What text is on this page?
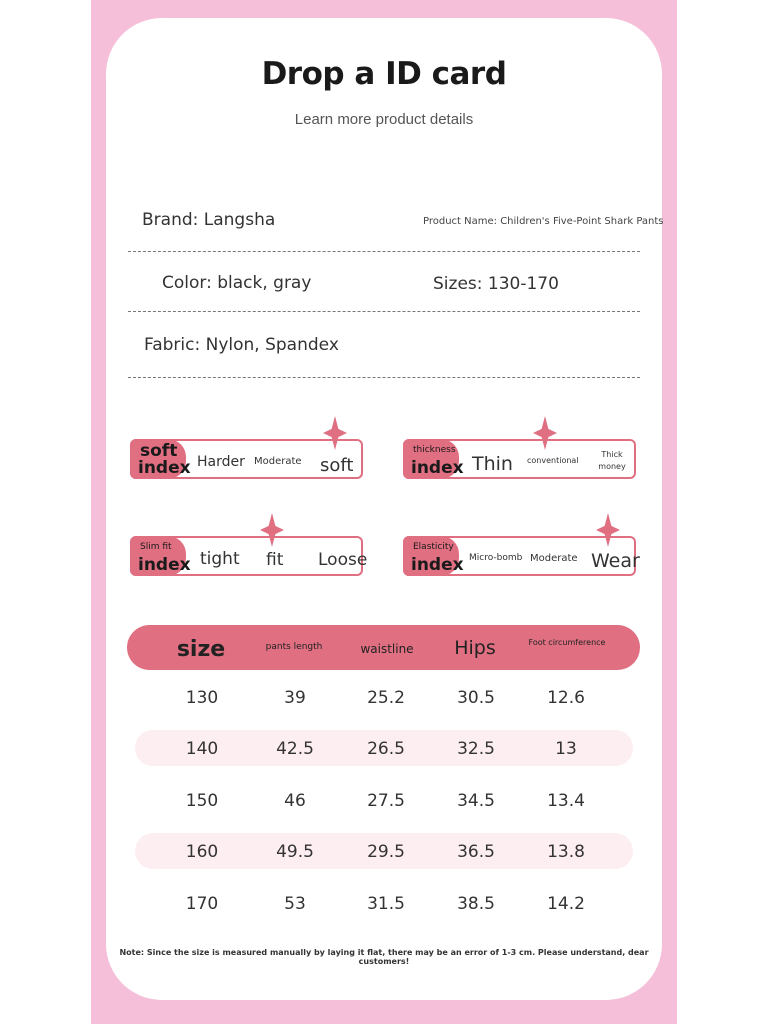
Drop a ID card
Learn more product details
Brand: Langsha	Product Name: Children's Five-Point Shark Pants
Color: black, gray	Sizes: 130-170
Fabric: Nylon, Spandex
soft
index Harder Moderate soft
thickness
index Thin conventional
Thick money
Slim fit
index tight fit Loose
Elasticity
index Micro-bomb Moderate Wear
size	pants length	waistline	Hips	Foot circumference
130	39	25.2	30.5	12.6
140	42.5	26.5	32.5	13
150	46	27.5	34.5	13.4
160	49.5	29.5	36.5	13.8
170	53	31.5	38.5	14.2
Note: Since the size is measured manually by laying it flat, there may be an error of 1-3 cm. Please understand, dear customers!
